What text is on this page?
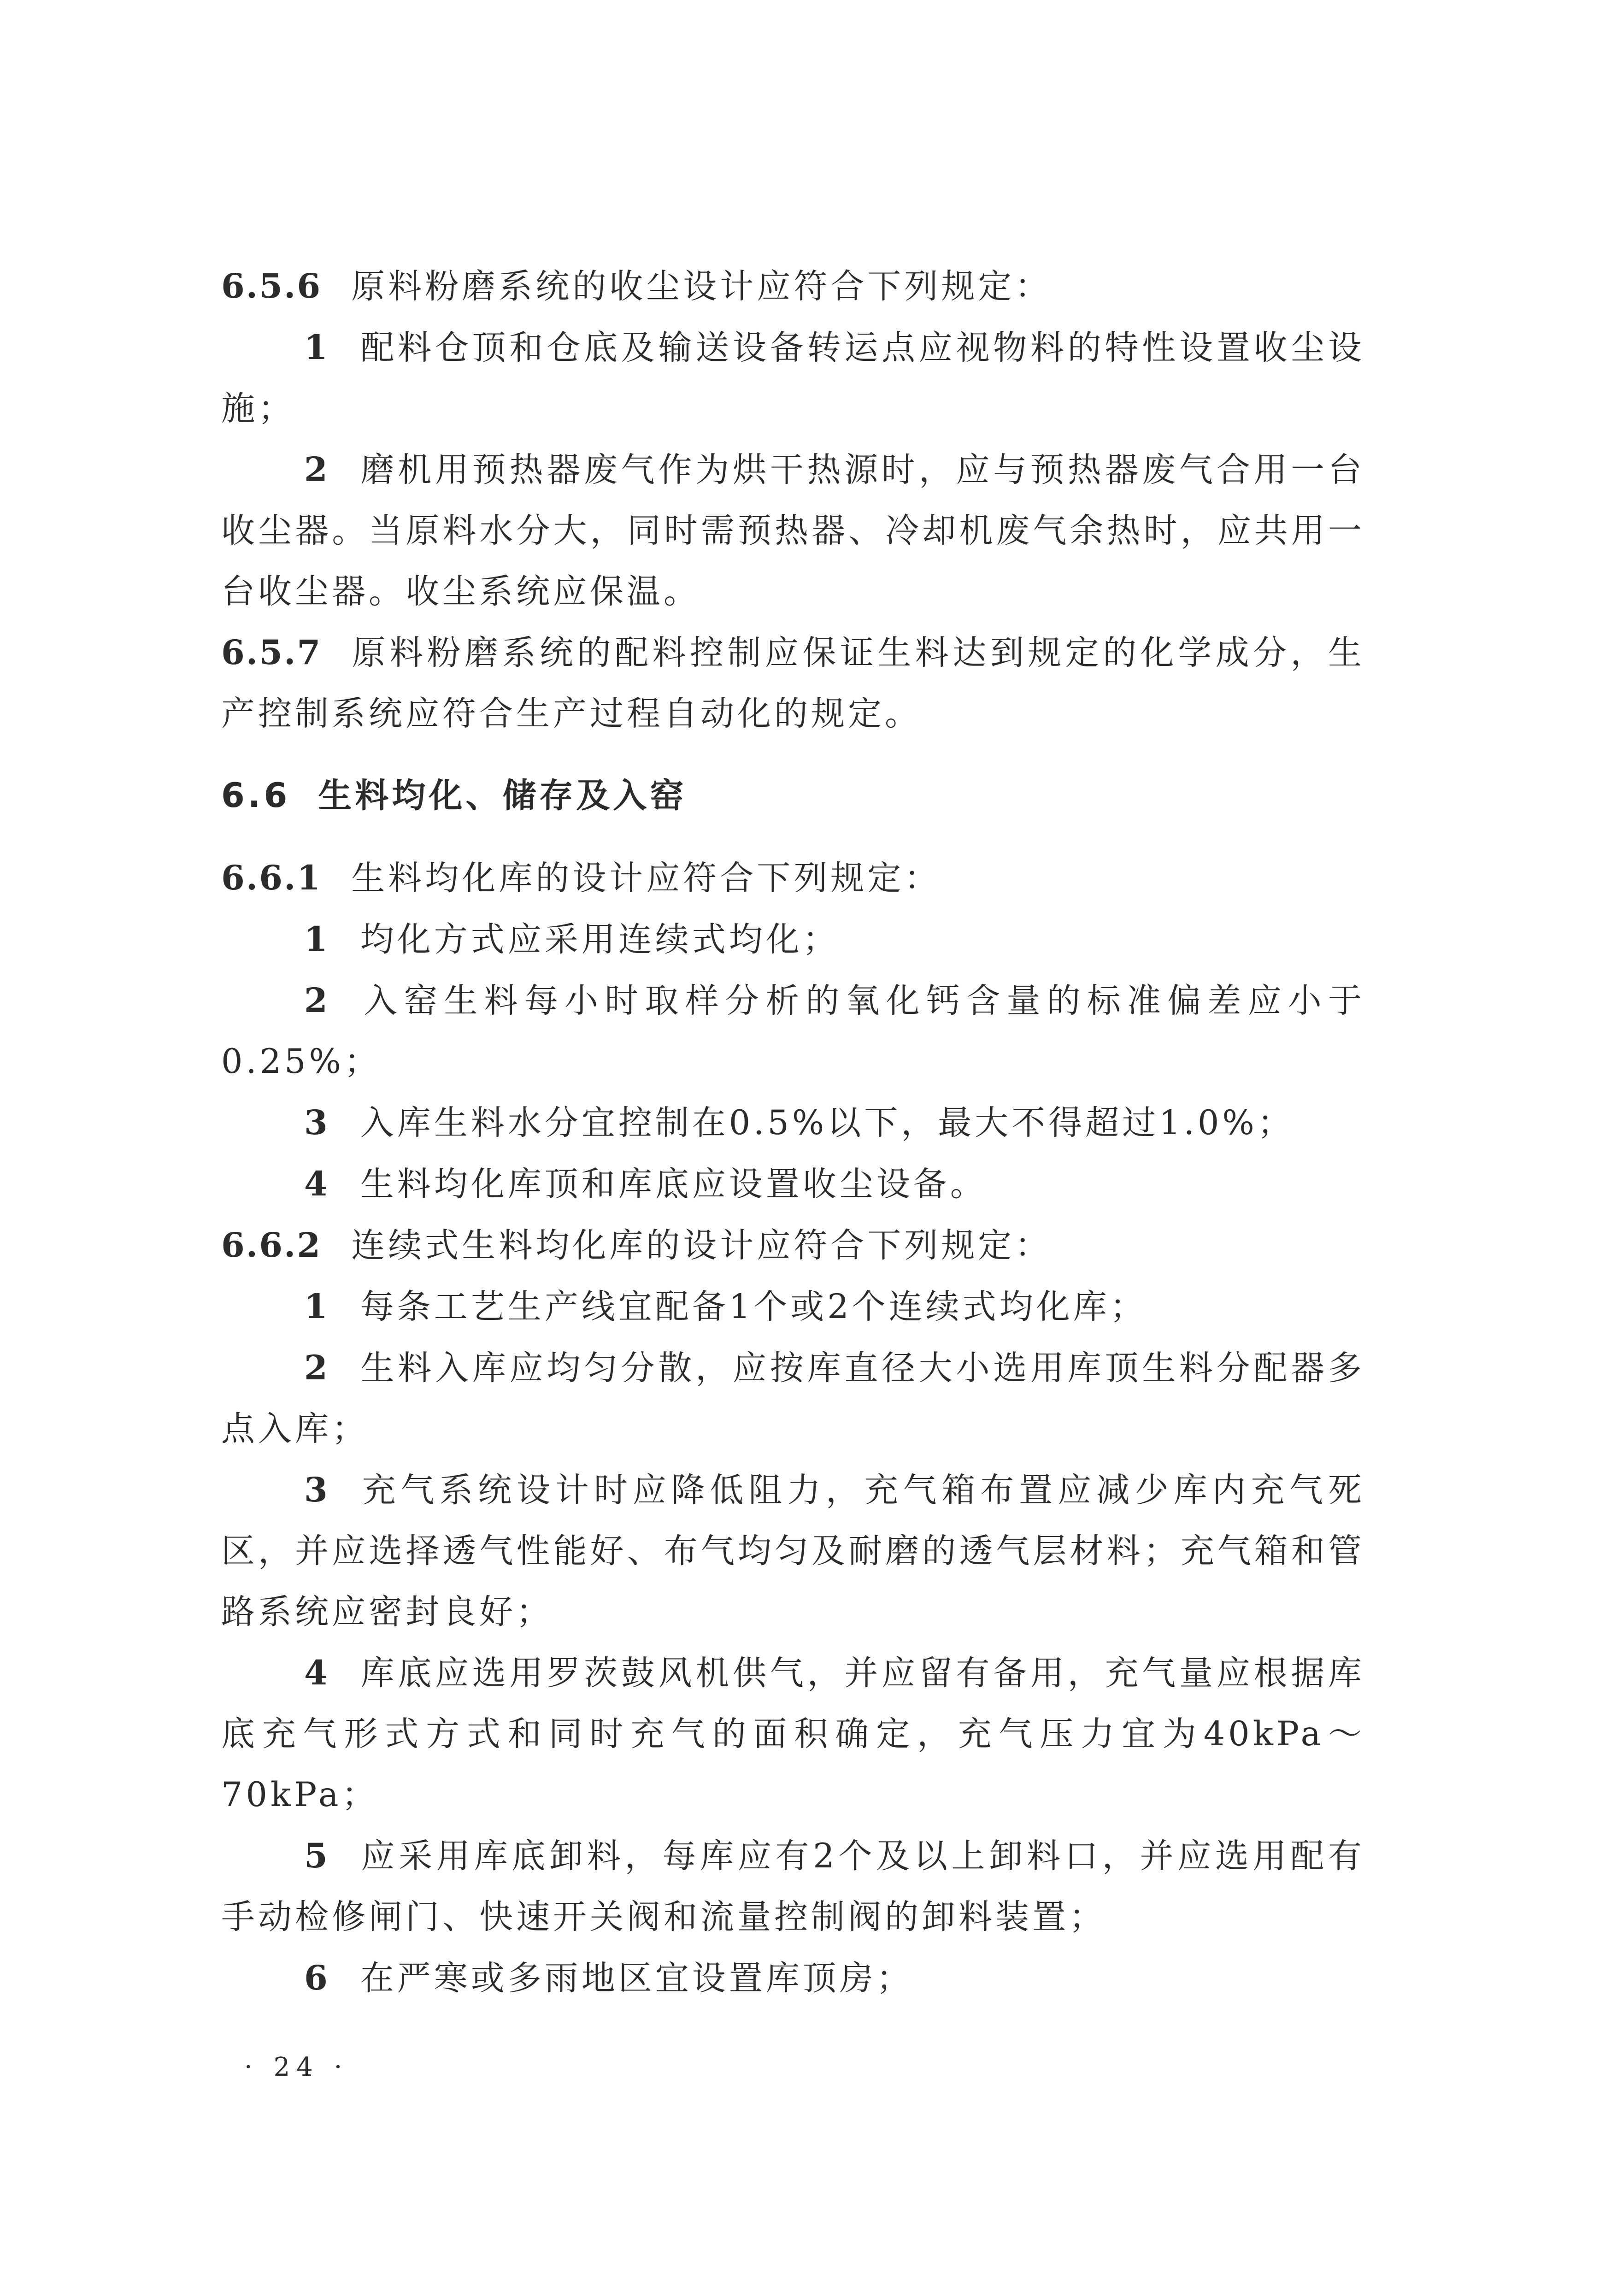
6.5.6 原料粉磨系统的收尘设计应符合下列规定：

1 配料仓顶和仓底及输送设备转运点应视物料的特性设置收尘设施；

2 磨机用预热器废气作为烘干热源时，应与预热器废气合用一台收尘器。当原料水分大，同时需预热器、冷却机废气余热时，应共用一台收尘器。收尘系统应保温。

6.5.7 原料粉磨系统的配料控制应保证生料达到规定的化学成分，生产控制系统应符合生产过程自动化的规定。

6.6 生料均化、储存及入窑

6.6.1 生料均化库的设计应符合下列规定：

1 均化方式应采用连续式均化；

2 入窑生料每小时取样分析的氧化钙含量的标准偏差应小于0.25%；

3 入库生料水分宜控制在0.5%以下，最大不得超过1.0%；

4 生料均化库顶和库底应设置收尘设备。

6.6.2 连续式生料均化库的设计应符合下列规定：

1 每条工艺生产线宜配备1个或2个连续式均化库；

2 生料入库应均匀分散，应按库直径大小选用库顶生料分配器多点入库；

3 充气系统设计时应降低阻力，充气箱布置应减少库内充气死区，并应选择透气性能好、布气均匀及耐磨的透气层材料；充气箱和管路系统应密封良好；

4 库底应选用罗茨鼓风机供气，并应留有备用，充气量应根据库底充气形式方式和同时充气的面积确定，充气压力宜为40kPa～70kPa；

5 应采用库底卸料，每库应有2个及以上卸料口，并应选用配有手动检修闸门、快速开关阀和流量控制阀的卸料装置；

6 在严寒或多雨地区宜设置库顶房；

· 24 ·
